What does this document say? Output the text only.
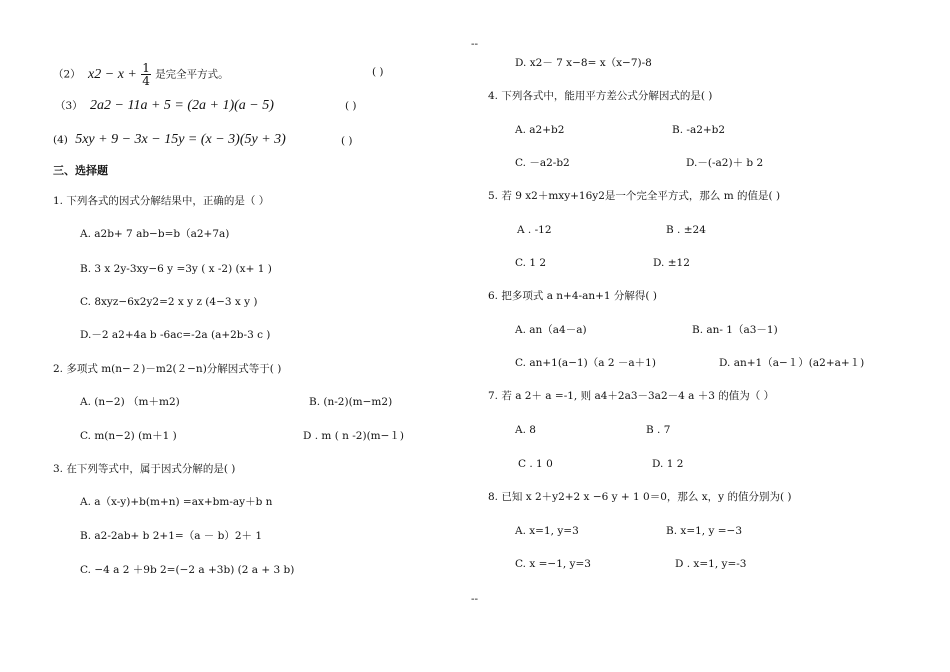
--
--
（2） $x2 - x + \frac{1}{4}$ 是完全平方式。	( )
（3） 2a2 − 11a + 5 = (2a + 1)(a − 5)	( )
(4) 5xy + 9 − 3x − 15y = (x − 3)(5y + 3)	( )
三、选择题
1. 下列各式的因式分解结果中，正确的是（ ）
A. a2b+ 7 ab−b=b（a2+7a)
B. 3 x 2y-3xy−6 y =3y ( x -2) (x+ 1 )
C. 8xyz−6x2y2=2 x y z (4−3 x y )
D.－2 a2+4a b -6ac=-2a (a+2b-3 c )
2. 多项式 m(n−２)－m2(２−n)分解因式等于( )
A. (n−2) （m＋m2)	B. (n-2)(m−m2)
C. m(n−2) (m＋1 )	D . m ( n -2)(m−１)
3. 在下列等式中，属于因式分解的是( )
A. a（x-y)+b(m+n) =ax+bm-ay＋b n
B. a2-2ab+ b 2+1=（a － b）2＋ 1
C. −4 a 2 ＋9b 2=(−2 a +3b) (2 a + 3 b)
D. x2－ 7 x−8= x（x−7)-8
4. 下列各式中，能用平方差公式分解因式的是( )
A. a2+b2	B. -a2+b2
C. －a2-b2	D.－(-a2)＋ b 2
5. 若 9 x2＋mxy+16y2是一个完全平方式，那么 m 的值是( )
A . -12	B . ±24
C. 1 2	D. ±12
6. 把多项式 a n+4-an+1 分解得( )
A. an（a4－a)	B. an- 1（a3－1)
C. an+1(a−1)（a 2 －a＋1)	D. an+1（a−１）(a2+a+１)
7. 若 a 2＋ a =-1, 则 a4＋2a3－3a2－4 a ＋3 的值为（ ）
A. 8	B . 7
C . 1 0	D. 1 2
8. 已知 x 2＋y2+2 x −6 y + 1 0＝0，那么 x，y 的值分别为( )
A. x=1, y=3	B. x=1, y =−3
C. x =−1, y=3	D . x=1, y=-3
